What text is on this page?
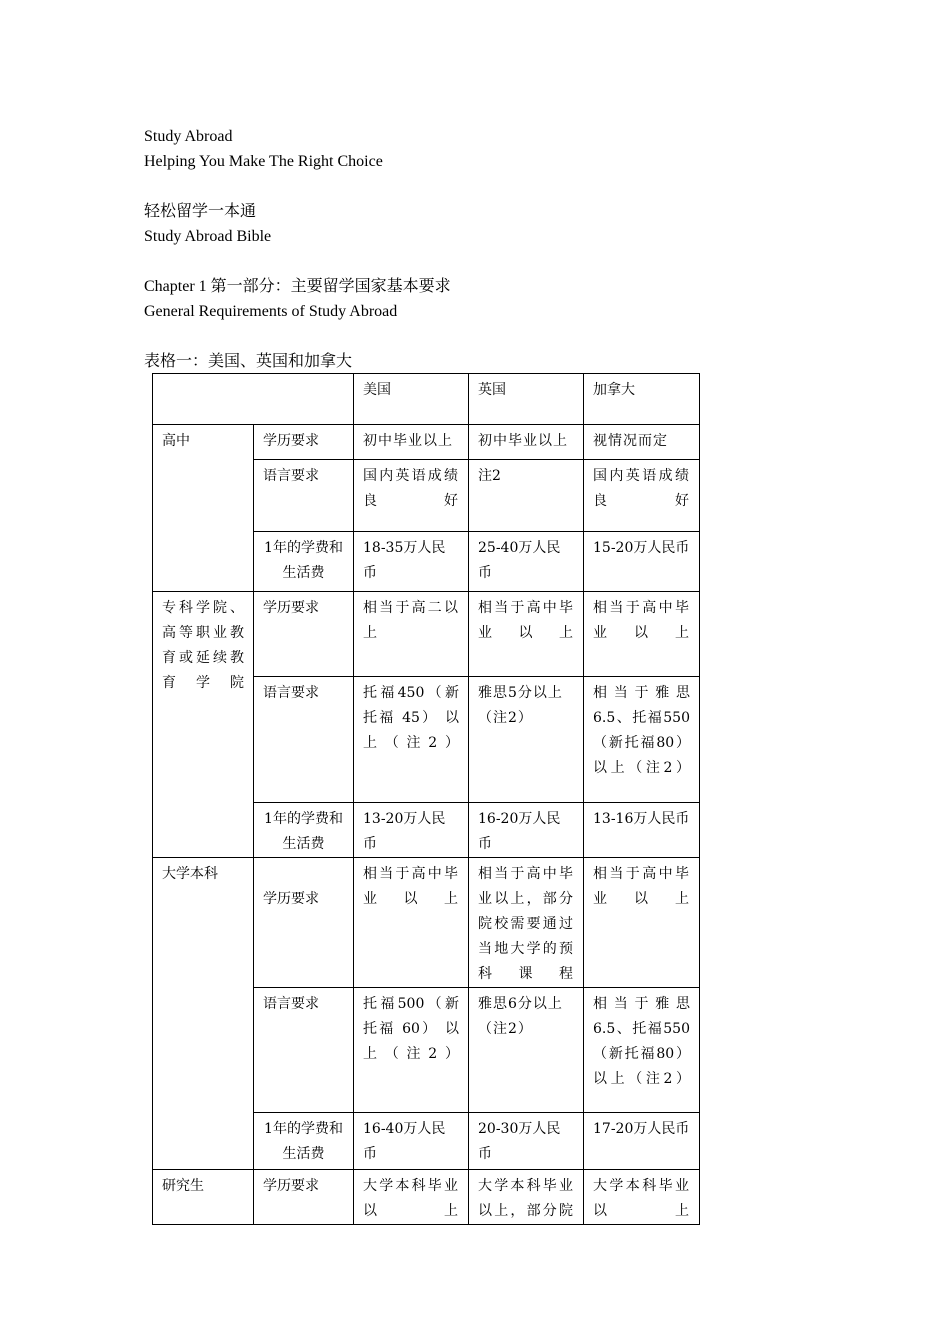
Study Abroad
Helping You Make The Right Choice
轻松留学一本通
Study Abroad Bible
Chapter 1 第一部分：主要留学国家基本要求
General Requirements of Study Abroad
表格一：美国、英国和加拿大
		美国	英国	加拿大
高中	学历要求	初中毕业以上	初中毕业以上	视情况而定
	语言要求	国内英语成绩良好	注2	国内英语成绩良好
	1年的学费和生活费	18-35万人民币	25-40万人民币	15-20万人民币
专科学院、高等职业教育或延续教育学院	学历要求	相当于高二以上	相当于高中毕业以上	相当于高中毕业以上
	语言要求	托福450（新托福 45） 以上（注2）	雅思5分以上（注2）	相当于雅思6.5、托福550（新托福80） 以上（注2）
	1年的学费和生活费	13-20万人民币	16-20万人民币	13-16万人民币
大学本科	学历要求	相当于高中毕业以上	相当于高中毕业以上，部分院校需要通过当地大学的预科课程	相当于高中毕业以上
	语言要求	托福500（新托福 60） 以上（注2）	雅思6分以上（注2）	相当于雅思6.5、托福550（新托福80）以上（注2）
	1年的学费和生活费	16-40万人民币	20-30万人民币	17-20万人民币
研究生	学历要求	大学本科毕业以上	大学本科毕业以上，部分院	大学本科毕业以上
